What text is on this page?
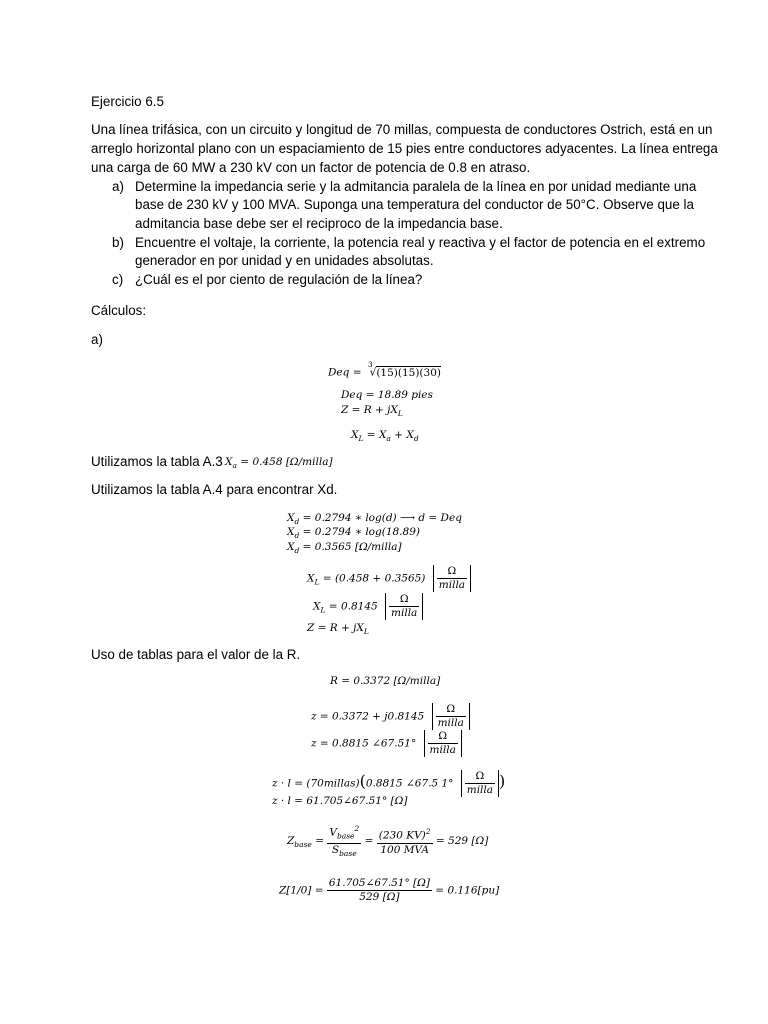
Ejercicio 6.5
Una línea trifásica, con un circuito y longitud de 70 millas, compuesta de conductores Ostrich, está en un
arreglo horizontal plano con un espaciamiento de 15 pies entre conductores adyacentes. La línea entrega
una carga de 60 MW a 230 kV con un factor de potencia de 0.8 en atraso.
a) Determine la impedancia serie y la admitancia paralela de la línea en por unidad mediante una
base de 230 kV y 100 MVA. Suponga una temperatura del conductor de 50°C. Observe que la
admitancia base debe ser el reciproco de la impedancia base.
b) Encuentre el voltaje, la corriente, la potencia real y reactiva y el factor de potencia en el extremo
generador en por unidad y en unidades absolutas.
c) ¿Cuál es el por ciento de regulación de la línea?
Cálculos:
a)
Deq = $^3$√(15)(15)(30)
Deq = 18.89 pies
$Z = R + jX_L$
$X_L = X_a + X_d$
Utilizamos la tabla A.3 $X_a = 0.458$ [Ω/milla]
Utilizamos la tabla A.4 para encontrar Xd.
$X_d = 0.2794$ ∗ log(d) ⟶ d = Deq
$X_d = 0.2794$ ∗ log(18.89)
$X_d = 0.3565$ [Ω/milla]
$X_L = (0.458 + 0.3565) \frac{\Omega}{\text{milla}}$
$X_L = 0.8145 \frac{\Omega}{\text{milla}}$
$Z = R + jX_L$
Uso de tablas para el valor de la R.
R = 0.3372 [Ω/milla]
$z = 0.3372 + j0.8145 \frac{\Omega}{\text{milla}}$
z = 0.8815 ∠67.51° $\frac{\Omega}{\text{milla}}$
z · l = (70millas)(0.8815 ∠67.5 $1^\circ \frac{\Omega}{\text{milla}}$ )
z · l = 61.705∠67.51° [Ω]
$Z_{base} = \frac{V_{base}^2}{S_{base}} = \frac{(230 KV)^2}{\text{100 MVA}} = 529$ [Ω]
$Z[1/0] = \frac{61.705\angle 67.51^\circ [\Omega]}{529 [\Omega]} = 0.116[pu]$
